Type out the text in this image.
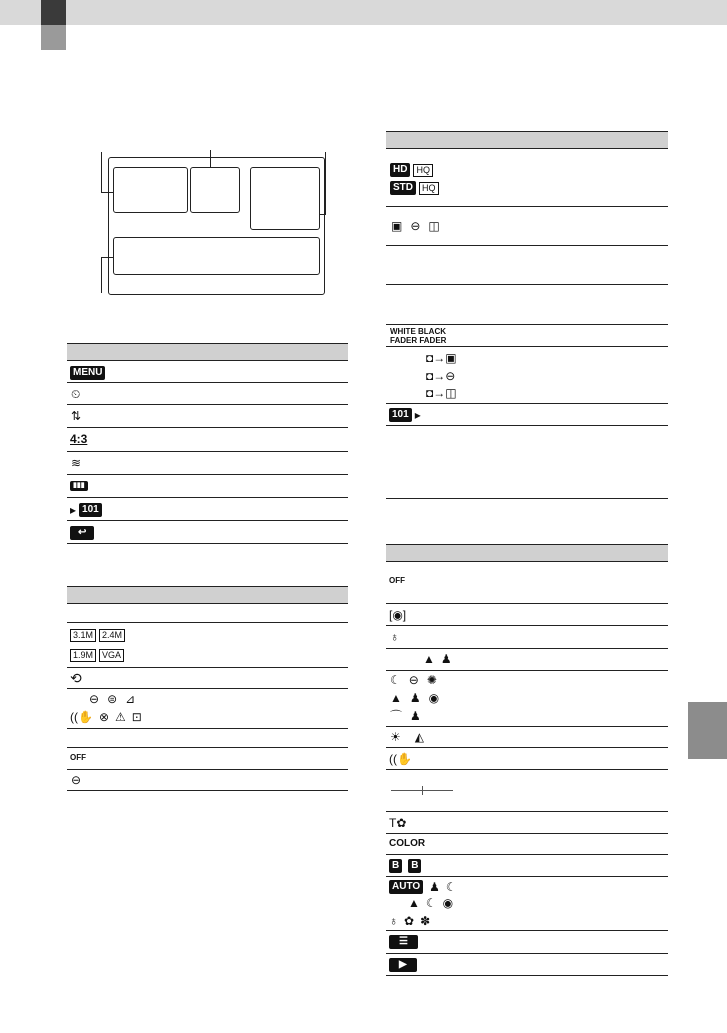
MENU
⏲
⇅
4:3
≋
▮▮▮
▸ 101
↩
3.1M	2.4M
1.9M	VGA
⟲
⊖ ⊜ ⊿
((✋ ⊗ ⚠ ⊡
OFF
⊖
HD	HQ
STD	HQ
▣ ⊖ ◫
WHITE BLACK
FADER FADER
◘→▣
◘→⊖
◘→◫
101 ▸
OFF
[◉]
♁
▲ ♟
☾ ⊖ ✺
▲ ♟ ◉
⌒ ♟
☀ ◭
((✋
T✿
COLOR
B	B
AUTO ♟ ☾
▲ ☾ ◉
♁ ✿ ✽
☰
▶
